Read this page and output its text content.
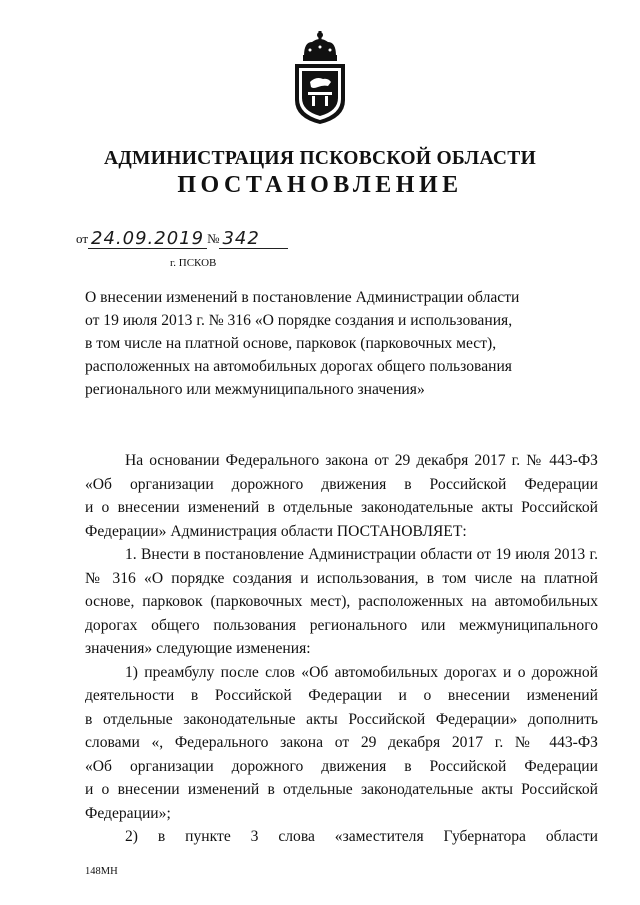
АДМИНИСТРАЦИЯ ПСКОВСКОЙ ОБЛАСТИ
ПОСТАНОВЛЕНИЕ
от 24.09.2019 № 342
г. ПСКОВ
О внесении изменений в постановление Администрации области
от 19 июля 2013 г. № 316 «О порядке создания и использования,
в том числе на платной основе, парковок (парковочных мест),
расположенных на автомобильных дорогах общего пользования
регионального или межмуниципального значения»
На основании Федерального закона от 29 декабря 2017 г. № 443-ФЗ
«Об организации дорожного движения в Российской Федерации
и о внесении изменений в отдельные законодательные акты Российской
Федерации» Администрация области ПОСТАНОВЛЯЕТ:
1. Внести в постановление Администрации области от 19 июля 2013 г.
№ 316 «О порядке создания и использования, в том числе на платной
основе, парковок (парковочных мест), расположенных на автомобильных
дорогах общего пользования регионального или межмуниципального
значения» следующие изменения:
1) преамбулу после слов «Об автомобильных дорогах и о дорожной
деятельности в Российской Федерации и о внесении изменений
в отдельные законодательные акты Российской Федерации» дополнить
словами «, Федерального закона от 29 декабря 2017 г. № 443-ФЗ
«Об организации дорожного движения в Российской Федерации
и о внесении изменений в отдельные законодательные акты Российской
Федерации»;
2) в пункте 3 слова «заместителя Губернатора области
148МН
